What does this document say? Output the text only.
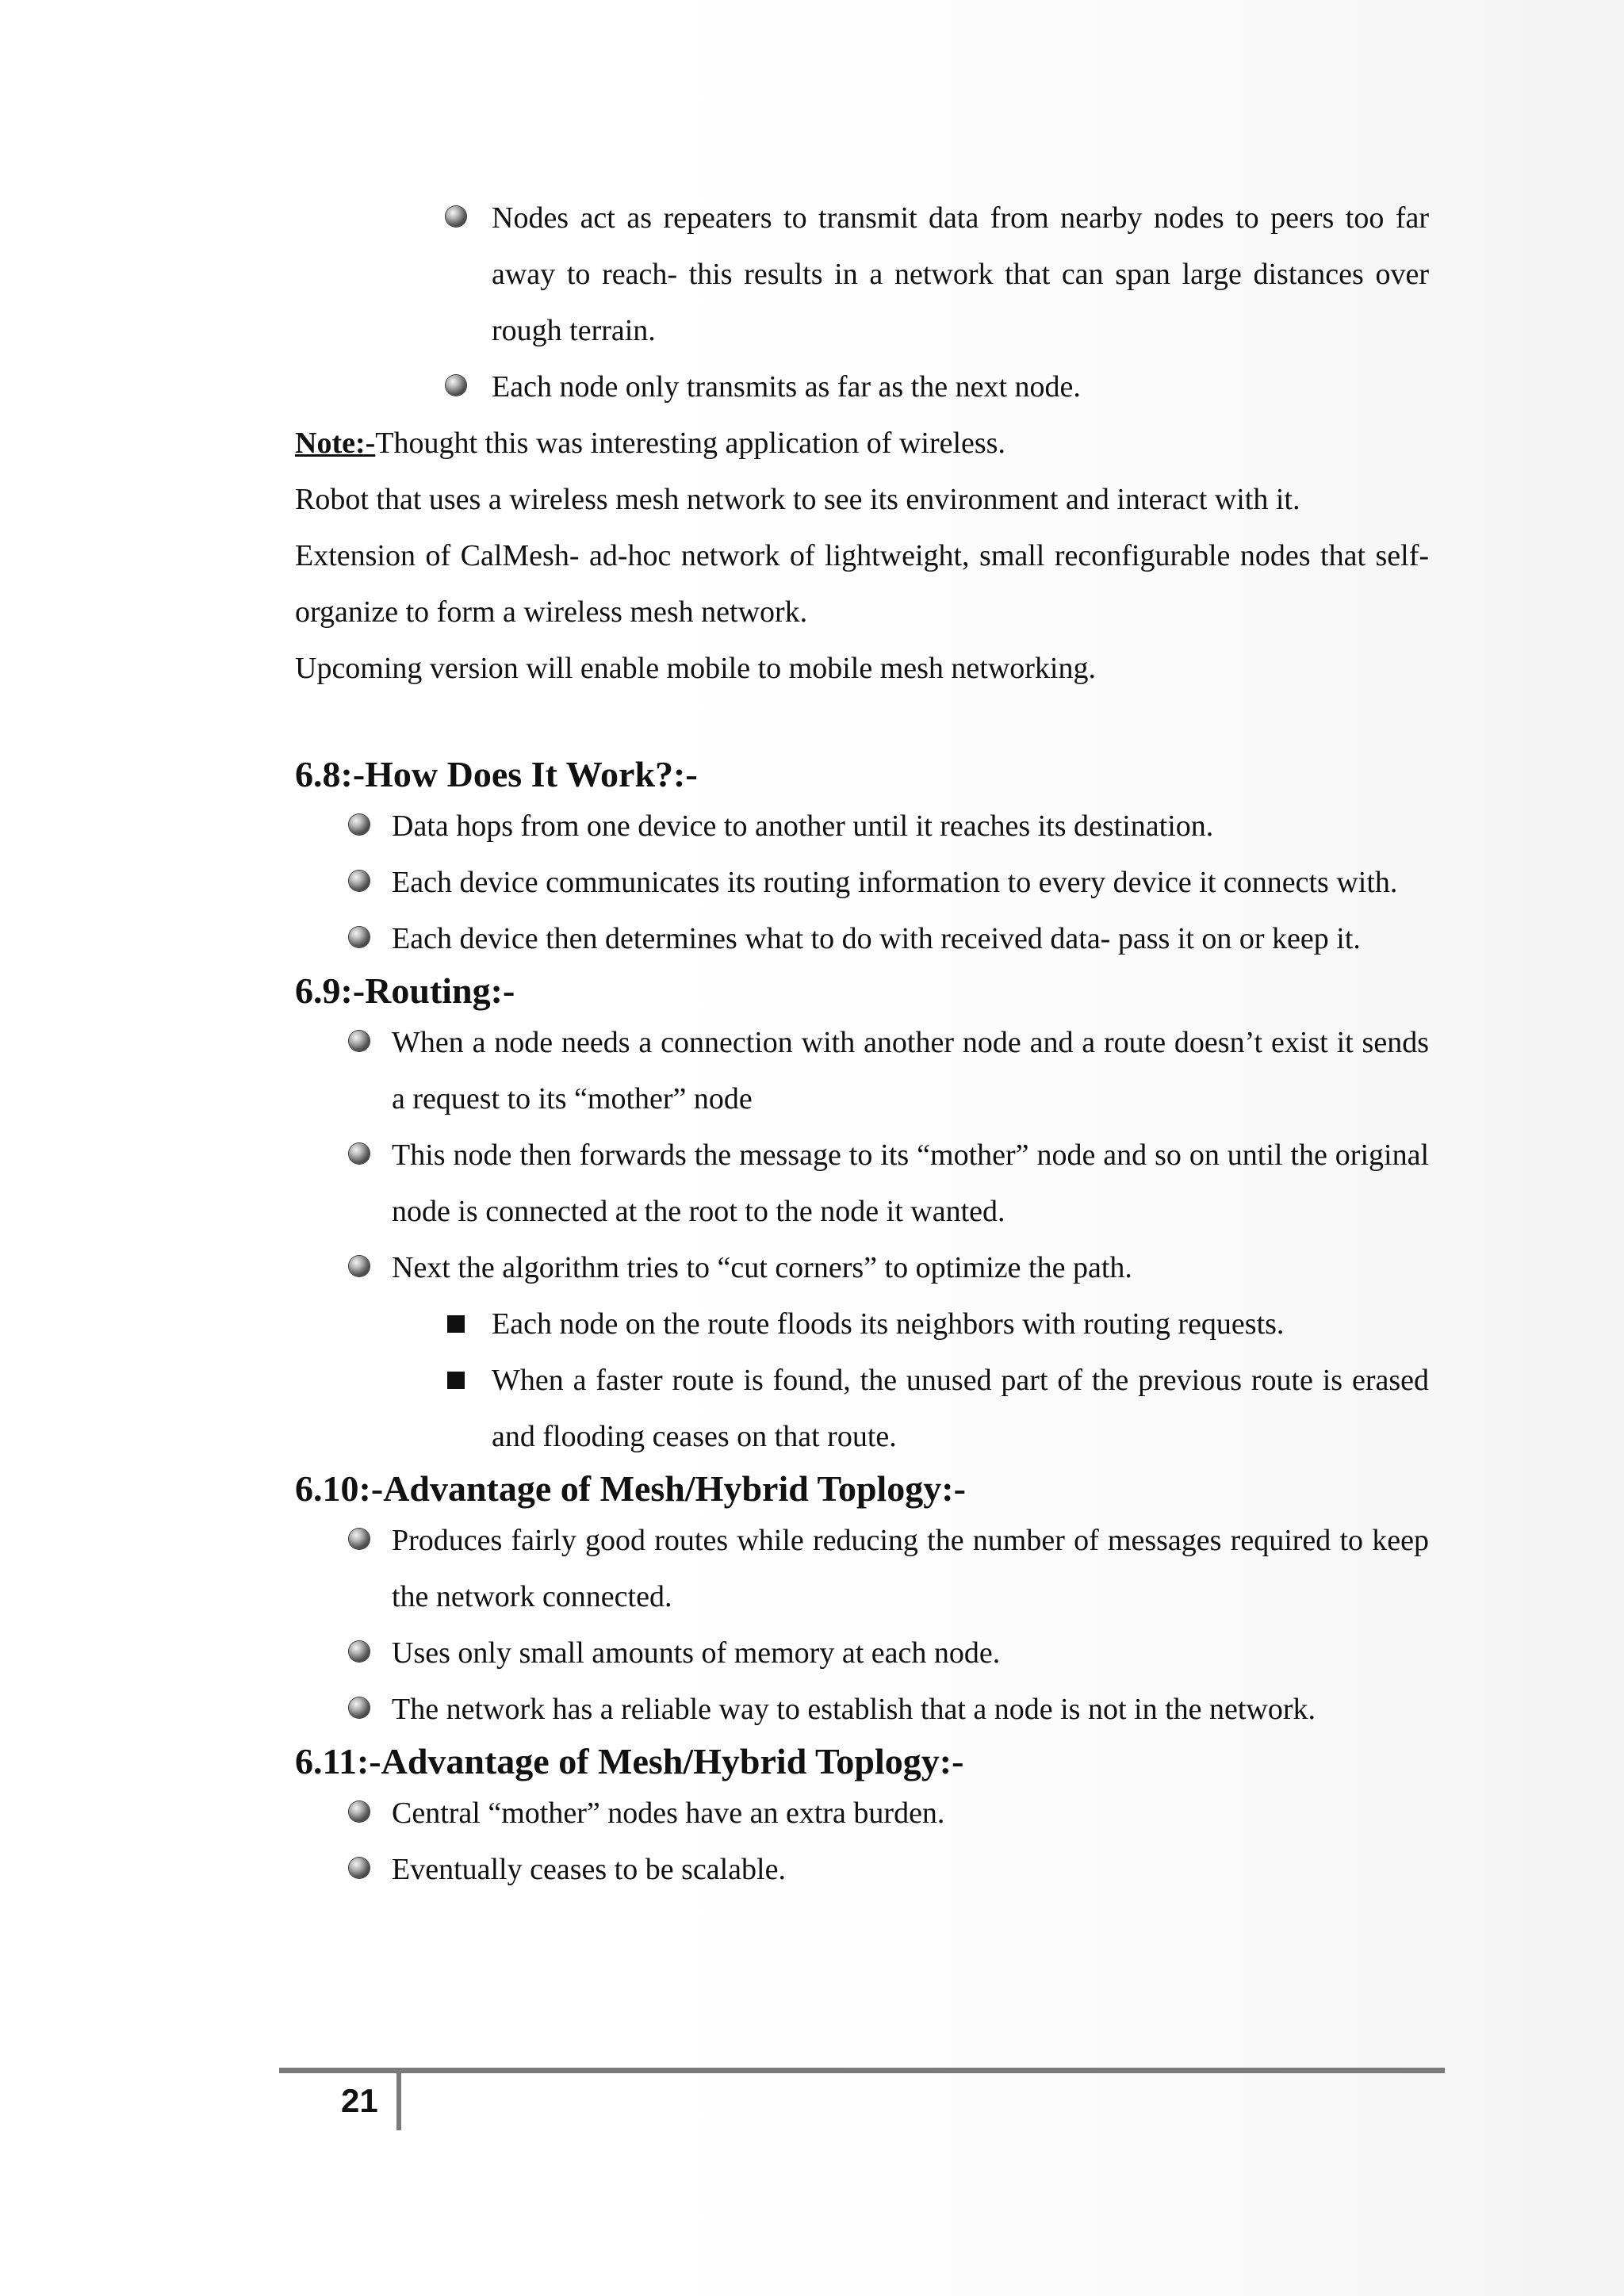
Nodes act as repeaters to transmit data from nearby nodes to peers too far away to reach- this results in a network that can span large distances over rough terrain.

Each node only transmits as far as the next node.

Note:-Thought this was interesting application of wireless.

Robot that uses a wireless mesh network to see its environment and interact with it.

Extension of CalMesh- ad-hoc network of lightweight, small reconfigurable nodes that self-organize to form a wireless mesh network.

Upcoming version will enable mobile to mobile mesh networking.

6.8:-How Does It Work?:-

Data hops from one device to another until it reaches its destination.

Each device communicates its routing information to every device it connects with.

Each device then determines what to do with received data- pass it on or keep it.

6.9:-Routing:-

When a node needs a connection with another node and a route doesn’t exist it sends a request to its “mother” node

This node then forwards the message to its “mother” node and so on until the original node is connected at the root to the node it wanted.

Next the algorithm tries to “cut corners” to optimize the path.

Each node on the route floods its neighbors with routing requests.

When a faster route is found, the unused part of the previous route is erased and flooding ceases on that route.

6.10:-Advantage of Mesh/Hybrid Toplogy:-

Produces fairly good routes while reducing the number of messages required to keep the network connected.

Uses only small amounts of memory at each node.

The network has a reliable way to establish that a node is not in the network.

6.11:-Advantage of Mesh/Hybrid Toplogy:-

Central “mother” nodes have an extra burden.

Eventually ceases to be scalable.

21
